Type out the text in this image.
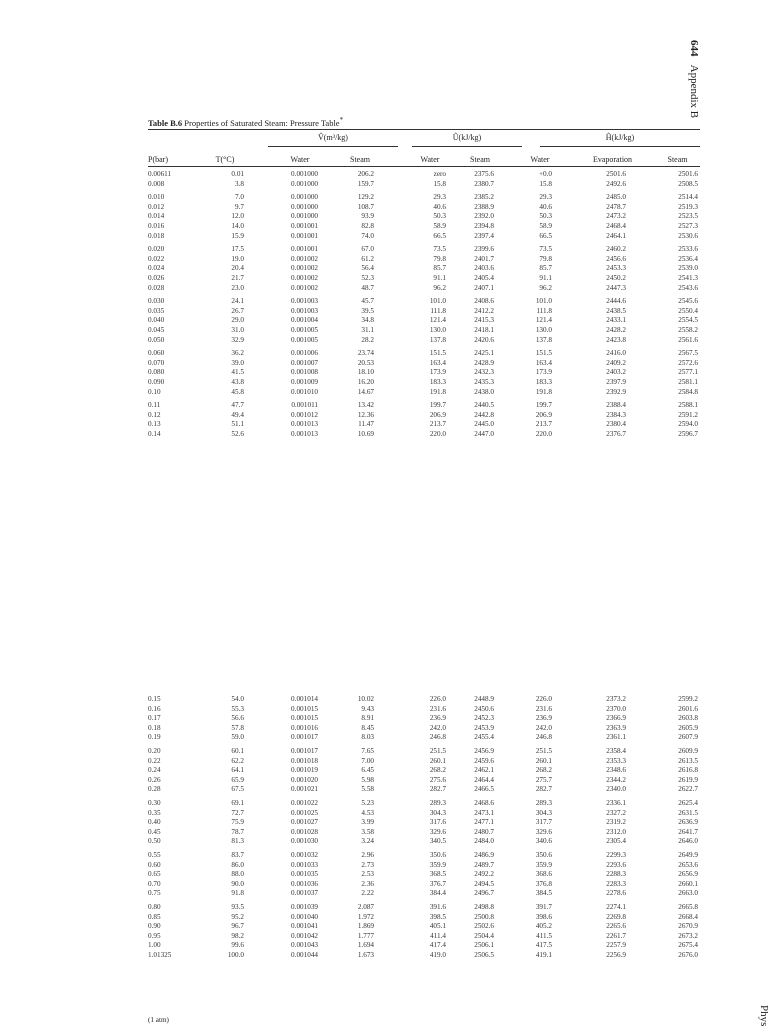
644 Appendix B
Phys
Table B.6 Properties of Saturated Steam: Pressure Table*
V̂(m³/kg)	Û(kJ/kg)	Ĥ(kJ/kg)
P(bar)	T(°C)	Water	Steam	Water	Steam	Water	Evaporation	Steam
0.00611	0.01	0.001000	206.2	zero	2375.6	+0.0	2501.6	2501.6
0.008	3.8	0.001000	159.7	15.8	2380.7	15.8	2492.6	2508.5
0.010	7.0	0.001000	129.2	29.3	2385.2	29.3	2485.0	2514.4
0.012	9.7	0.001000	108.7	40.6	2388.9	40.6	2478.7	2519.3
0.014	12.0	0.001000	93.9	50.3	2392.0	50.3	2473.2	2523.5
0.016	14.0	0.001001	82.8	58.9	2394.8	58.9	2468.4	2527.3
0.018	15.9	0.001001	74.0	66.5	2397.4	66.5	2464.1	2530.6
0.020	17.5	0.001001	67.0	73.5	2399.6	73.5	2460.2	2533.6
0.022	19.0	0.001002	61.2	79.8	2401.7	79.8	2456.6	2536.4
0.024	20.4	0.001002	56.4	85.7	2403.6	85.7	2453.3	2539.0
0.026	21.7	0.001002	52.3	91.1	2405.4	91.1	2450.2	2541.3
0.028	23.0	0.001002	48.7	96.2	2407.1	96.2	2447.3	2543.6
0.030	24.1	0.001003	45.7	101.0	2408.6	101.0	2444.6	2545.6
0.035	26.7	0.001003	39.5	111.8	2412.2	111.8	2438.5	2550.4
0.040	29.0	0.001004	34.8	121.4	2415.3	121.4	2433.1	2554.5
0.045	31.0	0.001005	31.1	130.0	2418.1	130.0	2428.2	2558.2
0.050	32.9	0.001005	28.2	137.8	2420.6	137.8	2423.8	2561.6
0.060	36.2	0.001006	23.74	151.5	2425.1	151.5	2416.0	2567.5
0.070	39.0	0.001007	20.53	163.4	2428.9	163.4	2409.2	2572.6
0.080	41.5	0.001008	18.10	173.9	2432.3	173.9	2403.2	2577.1
0.090	43.8	0.001009	16.20	183.3	2435.3	183.3	2397.9	2581.1
0.10	45.8	0.001010	14.67	191.8	2438.0	191.8	2392.9	2584.8
0.11	47.7	0.001011	13.42	199.7	2440.5	199.7	2388.4	2588.1
0.12	49.4	0.001012	12.36	206.9	2442.8	206.9	2384.3	2591.2
0.13	51.1	0.001013	11.47	213.7	2445.0	213.7	2380.4	2594.0
0.14	52.6	0.001013	10.69	220.0	2447.0	220.0	2376.7	2596.7
0.15	54.0	0.001014	10.02	226.0	2448.9	226.0	2373.2	2599.2
0.16	55.3	0.001015	9.43	231.6	2450.6	231.6	2370.0	2601.6
0.17	56.6	0.001015	8.91	236.9	2452.3	236.9	2366.9	2603.8
0.18	57.8	0.001016	8.45	242.0	2453.9	242.0	2363.9	2605.9
0.19	59.0	0.001017	8.03	246.8	2455.4	246.8	2361.1	2607.9
0.20	60.1	0.001017	7.65	251.5	2456.9	251.5	2358.4	2609.9
0.22	62.2	0.001018	7.00	260.1	2459.6	260.1	2353.3	2613.5
0.24	64.1	0.001019	6.45	268.2	2462.1	268.2	2348.6	2616.8
0.26	65.9	0.001020	5.98	275.6	2464.4	275.7	2344.2	2619.9
0.28	67.5	0.001021	5.58	282.7	2466.5	282.7	2340.0	2622.7
0.30	69.1	0.001022	5.23	289.3	2468.6	289.3	2336.1	2625.4
0.35	72.7	0.001025	4.53	304.3	2473.1	304.3	2327.2	2631.5
0.40	75.9	0.001027	3.99	317.6	2477.1	317.7	2319.2	2636.9
0.45	78.7	0.001028	3.58	329.6	2480.7	329.6	2312.0	2641.7
0.50	81.3	0.001030	3.24	340.5	2484.0	340.6	2305.4	2646.0
0.55	83.7	0.001032	2.96	350.6	2486.9	350.6	2299.3	2649.9
0.60	86.0	0.001033	2.73	359.9	2489.7	359.9	2293.6	2653.6
0.65	88.0	0.001035	2.53	368.5	2492.2	368.6	2288.3	2656.9
0.70	90.0	0.001036	2.36	376.7	2494.5	376.8	2283.3	2660.1
0.75	91.8	0.001037	2.22	384.4	2496.7	384.5	2278.6	2663.0
0.80	93.5	0.001039	2.087	391.6	2498.8	391.7	2274.1	2665.8
0.85	95.2	0.001040	1.972	398.5	2500.8	398.6	2269.8	2668.4
0.90	96.7	0.001041	1.869	405.1	2502.6	405.2	2265.6	2670.9
0.95	98.2	0.001042	1.777	411.4	2504.4	411.5	2261.7	2673.2
1.00	99.6	0.001043	1.694	417.4	2506.1	417.5	2257.9	2675.4
1.01325	100.0	0.001044	1.673	419.0	2506.5	419.1	2256.9	2676.0
(1 atm)
